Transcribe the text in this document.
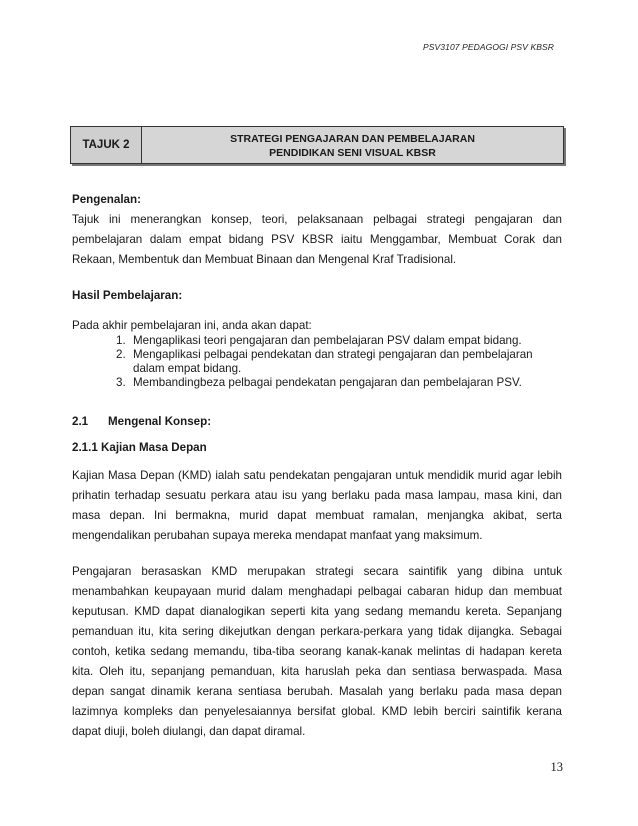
PSV3107 PEDAGOGI PSV KBSR
TAJUK 2
STRATEGI PENGAJARAN DAN PEMBELAJARAN
PENDIDIKAN SENI VISUAL KBSR

Pengenalan:

Tajuk ini menerangkan konsep, teori, pelaksanaan pelbagai strategi pengajaran dan
pembelajaran dalam empat bidang PSV KBSR iaitu Menggambar, Membuat Corak dan
Rekaan, Membentuk dan Membuat Binaan dan Mengenal Kraf Tradisional.

Hasil Pembelajaran:

Pada akhir pembelajaran ini, anda akan dapat:

1. Mengaplikasi teori pengajaran dan pembelajaran PSV dalam empat bidang.
2. Mengaplikasi pelbagai pendekatan dan strategi pengajaran dan pembelajaran
dalam empat bidang.
3. Membandingbeza pelbagai pendekatan pengajaran dan pembelajaran PSV.
2.1	Mengenal Konsep:

2.1.1 Kajian Masa Depan

Kajian Masa Depan (KMD) ialah satu pendekatan pengajaran untuk mendidik murid agar lebih
prihatin terhadap sesuatu perkara atau isu yang berlaku pada masa lampau, masa kini, dan
masa depan. Ini bermakna, murid dapat membuat ramalan, menjangka akibat, serta
mengendalikan perubahan supaya mereka mendapat manfaat yang maksimum.
Pengajaran berasaskan KMD merupakan strategi secara saintifik yang dibina untuk
menambahkan keupayaan murid dalam menghadapi pelbagai cabaran hidup dan membuat
keputusan. KMD dapat dianalogikan seperti kita yang sedang memandu kereta. Sepanjang
pemanduan itu, kita sering dikejutkan dengan perkara-perkara yang tidak dijangka. Sebagai
contoh, ketika sedang memandu, tiba-tiba seorang kanak-kanak melintas di hadapan kereta
kita. Oleh itu, sepanjang pemanduan, kita haruslah peka dan sentiasa berwaspada. Masa
depan sangat dinamik kerana sentiasa berubah. Masalah yang berlaku pada masa depan
lazimnya kompleks dan penyelesaiannya bersifat global. KMD lebih berciri saintifik kerana
dapat diuji, boleh diulangi, dan dapat diramal.
13
